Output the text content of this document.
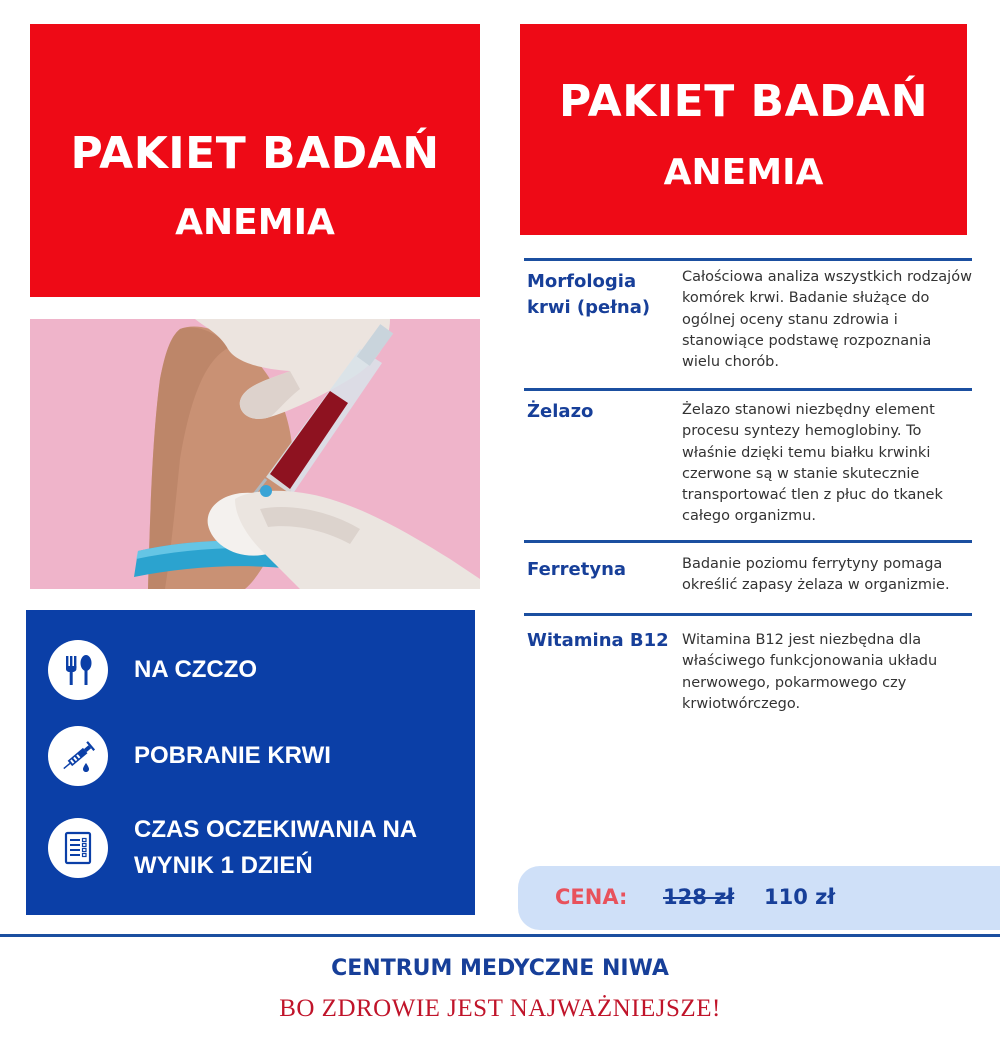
PAKIET BADAŃ
ANEMIA
PAKIET BADAŃ
ANEMIA
NA CZCZO
POBRANIE KRWI
CZAS OCZEKIWANIA NA WYNIK 1 DZIEŃ
Morfologia krwi (pełna)
Całościowa analiza wszystkich rodzajów komórek krwi. Badanie służące do ogólnej oceny stanu zdrowia i stanowiące podstawę rozpoznania wielu chorób.
Żelazo	Żelazo stanowi niezbędny element procesu syntezy hemoglobiny. To właśnie dzięki temu białku krwinki czerwone są w stanie skutecznie transportować tlen z płuc do tkanek całego organizmu.
Ferretyna	Badanie poziomu ferrytyny pomaga określić zapasy żelaza w organizmie.
Witamina B12 Witamina B12 jest niezbędna dla właściwego funkcjonowania układu nerwowego, pokarmowego czy krwiotwórczego.
CENA: 128 zł 110 zł
CENTRUM MEDYCZNE NIWA
BO ZDROWIE JEST NAJWAŻNIEJSZE!
